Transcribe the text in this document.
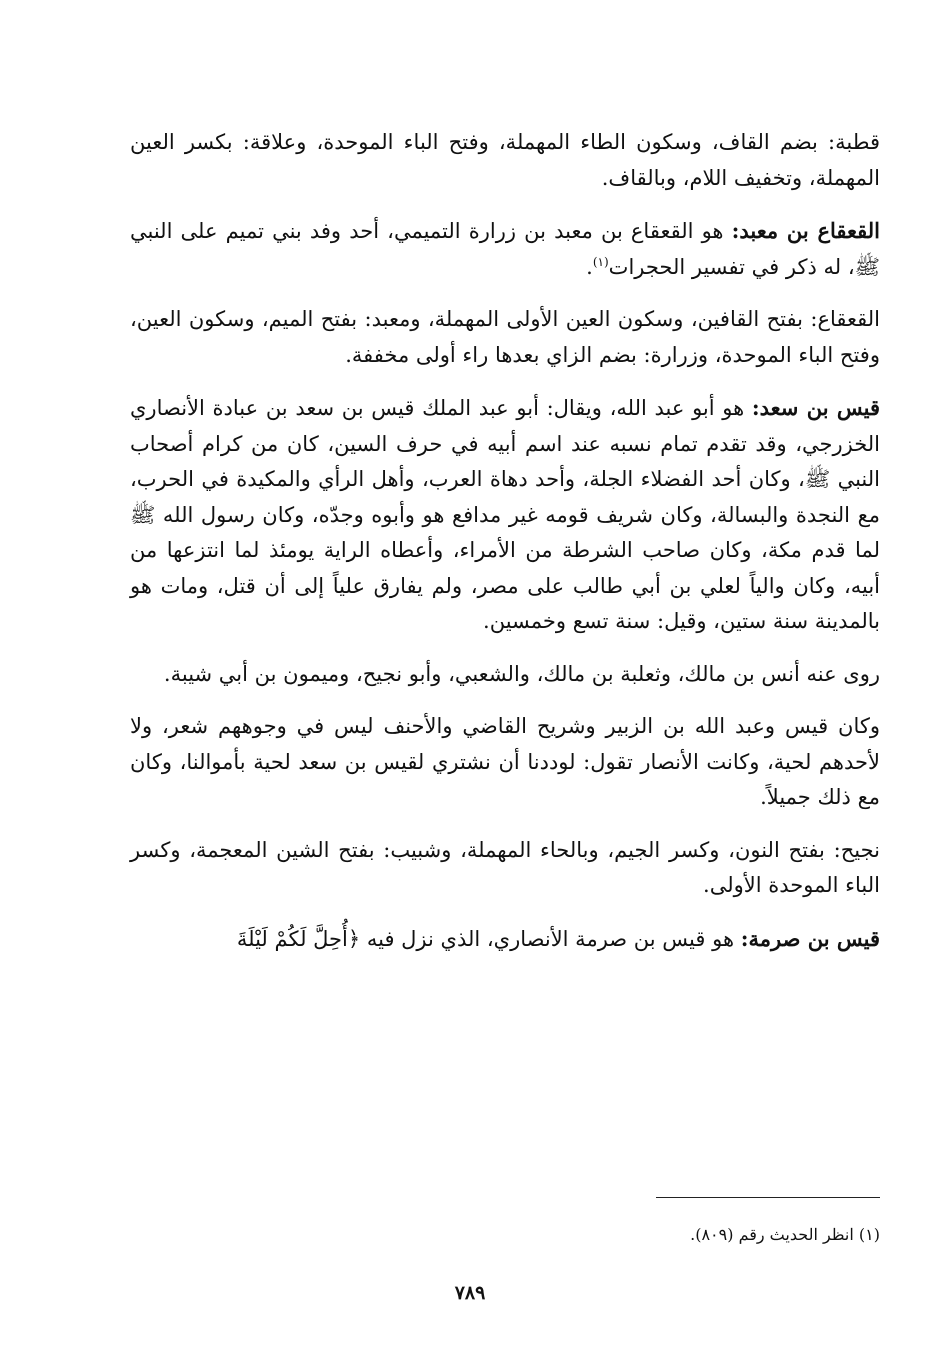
قطبة: بضم القاف، وسكون الطاء المهملة، وفتح الباء الموحدة، وعلاقة: بكسر العين المهملة، وتخفيف اللام، وبالقاف.

القعقاع بن معبد: هو القعقاع بن معبد بن زرارة التميمي، أحد وفد بني تميم على النبي ﷺ، له ذكر في تفسير الحجرات$^{(١)}$.

القعقاع: بفتح القافين، وسكون العين الأولى المهملة، ومعبد: بفتح الميم، وسكون العين، وفتح الباء الموحدة، وزرارة: بضم الزاي بعدها راء أولى مخففة.

قيس بن سعد: هو أبو عبد الله، ويقال: أبو عبد الملك قيس بن سعد بن عبادة الأنصاري الخزرجي، وقد تقدم تمام نسبه عند اسم أبيه في حرف السين، كان من كرام أصحاب النبي ﷺ، وكان أحد الفضلاء الجلة، وأحد دهاة العرب، وأهل الرأي والمكيدة في الحرب، مع النجدة والبسالة، وكان شريف قومه غير مدافع هو وأبوه وجدّه، وكان رسول الله ﷺ لما قدم مكة، وكان صاحب الشرطة من الأمراء، وأعطاه الراية يومئذ لما انتزعها من أبيه، وكان والياً لعلي بن أبي طالب على مصر، ولم يفارق علياً إلى أن قتل، ومات هو بالمدينة سنة ستين، وقيل: سنة تسع وخمسين.

روى عنه أنس بن مالك، وثعلبة بن مالك، والشعبي، وأبو نجيح، وميمون بن أبي شيبة.

وكان قيس وعبد الله بن الزبير وشريح القاضي والأحنف ليس في وجوههم شعر، ولا لأحدهم لحية، وكانت الأنصار تقول: لوددنا أن نشتري لقيس بن سعد لحية بأموالنا، وكان مع ذلك جميلاً.

نجيح: بفتح النون، وكسر الجيم، وبالحاء المهملة، وشبيب: بفتح الشين المعجمة، وكسر الباء الموحدة الأولى.

قيس بن صرمة: هو قيس بن صرمة الأنصاري، الذي نزل فيه ﴿أُحِلَّ لَكُمْ لَيْلَةَ

(١) انظر الحديث رقم (٨٠٩).
٧٨٩
